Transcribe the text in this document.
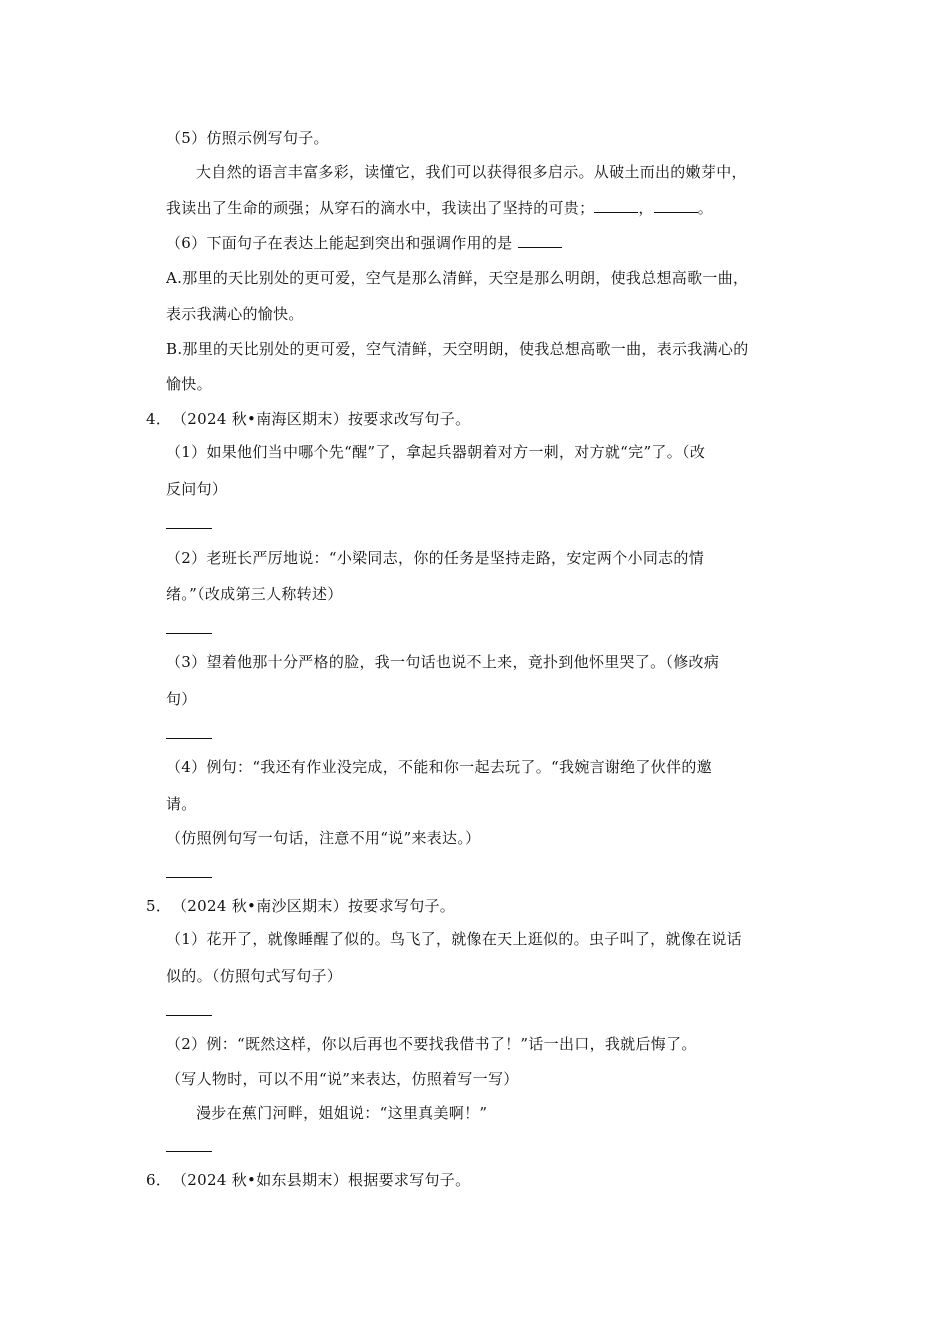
（5）仿照示例写句子。
大自然的语言丰富多彩，读懂它，我们可以获得很多启示。从破土而出的嫩芽中，
我读出了生命的顽强；从穿石的滴水中，我读出了坚持的可贵；	，	。
（6）下面句子在表达上能起到突出和强调作用的是
A.那里的天比别处的更可爱，空气是那么清鲜，天空是那么明朗，使我总想高歌一曲，
表示我满心的愉快。
B.那里的天比别处的更可爱，空气清鲜，天空明朗，使我总想高歌一曲，表示我满心的
愉快。
4．（2024 秋•南海区期末）按要求改写句子。
（1）如果他们当中哪个先“醒”了，拿起兵器朝着对方一刺，对方就“完”了。（改
反问句）
（2）老班长严厉地说：“小梁同志，你的任务是坚持走路，安定两个小同志的情
绪。”（改成第三人称转述）
（3）望着他那十分严格的脸，我一句话也说不上来，竟扑到他怀里哭了。（修改病
句）
（4）例句：“我还有作业没完成，不能和你一起去玩了。“我婉言谢绝了伙伴的邀
请。
（仿照例句写一句话，注意不用“说”来表达。）
5．（2024 秋•南沙区期末）按要求写句子。
（1）花开了，就像睡醒了似的。鸟飞了，就像在天上逛似的。虫子叫了，就像在说话
似的。（仿照句式写句子）
（2）例：“既然这样，你以后再也不要找我借书了！”话一出口，我就后悔了。
（写人物时，可以不用“说”来表达，仿照着写一写）
漫步在蕉门河畔，姐姐说：“这里真美啊！”
6．（2024 秋•如东县期末）根据要求写句子。
